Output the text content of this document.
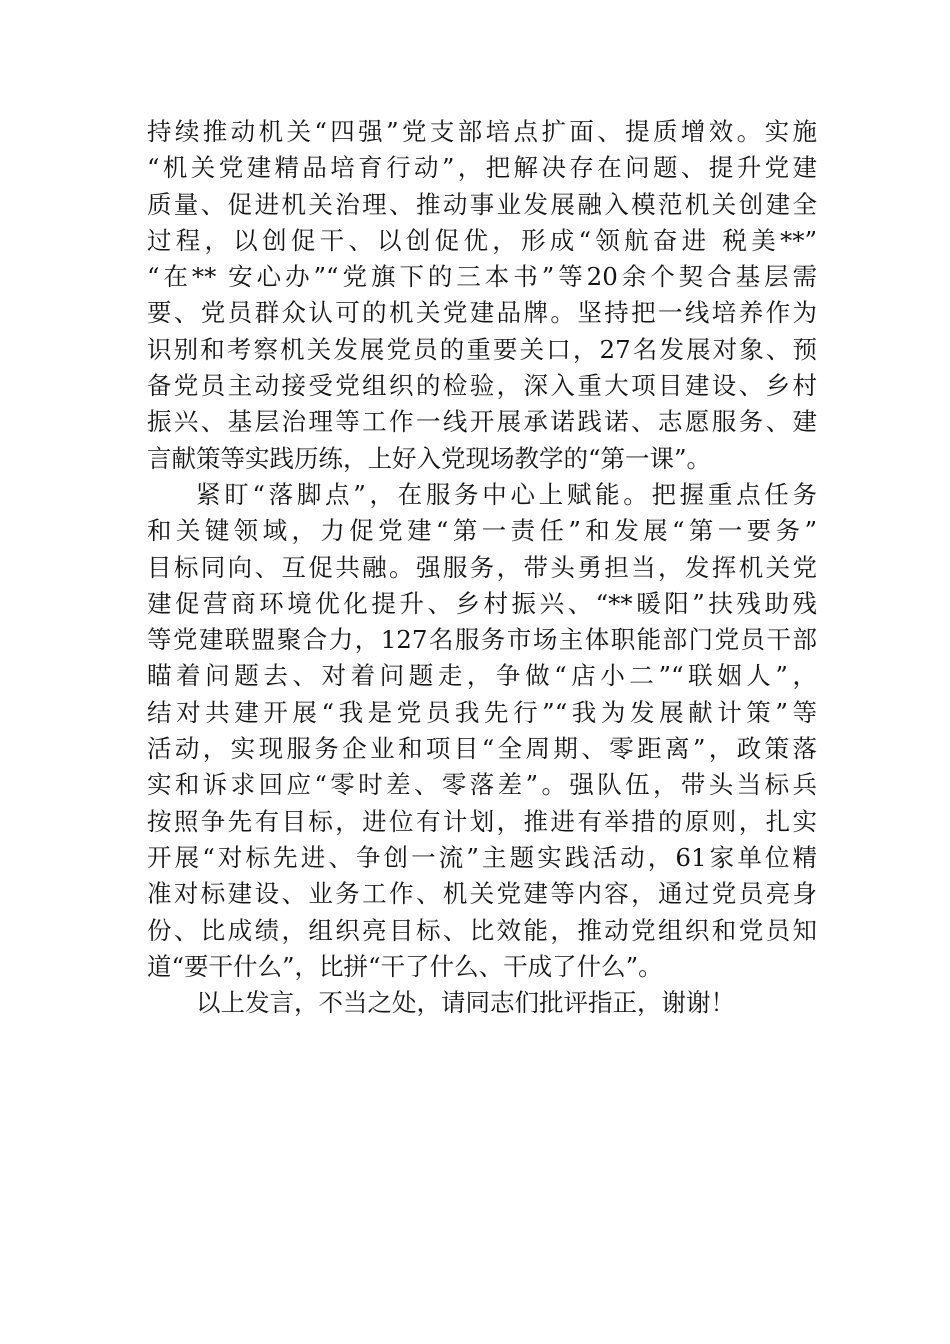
持续推动机关“四强”党支部培点扩面、提质增效。实施
“机关党建精品培育行动”，把解决存在问题、提升党建
质量、促进机关治理、推动事业发展融入模范机关创建全
过程，以创促干、以创促优，形成“领航奋进 税美**”
“在** 安心办”“党旗下的三本书”等20余个契合基层需
要、党员群众认可的机关党建品牌。坚持把一线培养作为
识别和考察机关发展党员的重要关口，27名发展对象、预
备党员主动接受党组织的检验，深入重大项目建设、乡村
振兴、基层治理等工作一线开展承诺践诺、志愿服务、建
言献策等实践历练，上好入党现场教学的“第一课”。
紧盯“落脚点”，在服务中心上赋能。把握重点任务
和关键领域，力促党建“第一责任”和发展“第一要务”
目标同向、互促共融。强服务，带头勇担当，发挥机关党
建促营商环境优化提升、乡村振兴、“**暖阳”扶残助残
等党建联盟聚合力，127名服务市场主体职能部门党员干部
瞄着问题去、对着问题走，争做“店小二”“联姻人”，
结对共建开展“我是党员我先行”“我为发展献计策”等
活动，实现服务企业和项目“全周期、零距离”，政策落
实和诉求回应“零时差、零落差”。强队伍，带头当标兵
按照争先有目标，进位有计划，推进有举措的原则，扎实
开展“对标先进、争创一流”主题实践活动，61家单位精
准对标建设、业务工作、机关党建等内容，通过党员亮身
份、比成绩，组织亮目标、比效能，推动党组织和党员知
道“要干什么”，比拼“干了什么、干成了什么”。
以上发言，不当之处，请同志们批评指正，谢谢！
